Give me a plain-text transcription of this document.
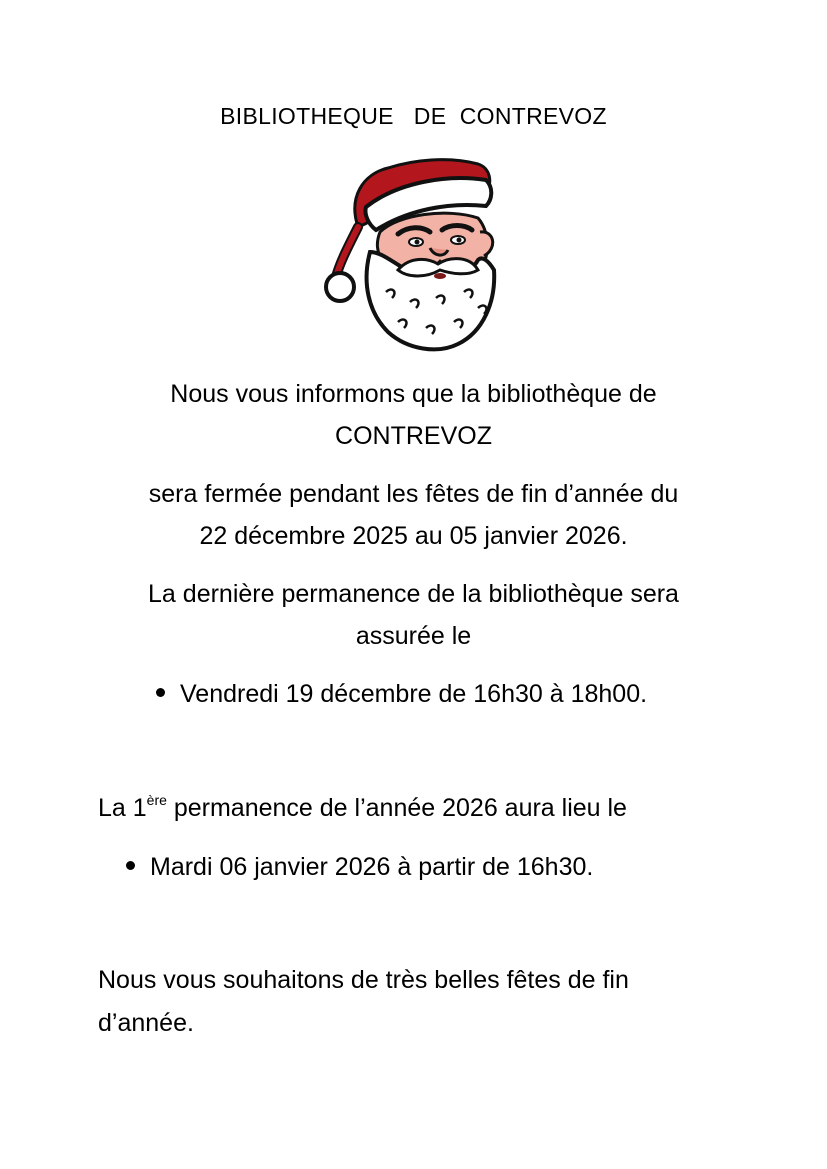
BIBLIOTHEQUE   DE  CONTREVOZ
Nous vous informons que la bibliothèque de
CONTREVOZ
sera fermée pendant les fêtes de fin d’année du
22 décembre 2025 au 05 janvier 2026.
La dernière permanence de la bibliothèque sera
assurée le
Vendredi 19 décembre de 16h30 à 18h00.
La 1ère permanence de l’année 2026 aura lieu le
Mardi 06 janvier 2026 à partir de 16h30.
Nous vous souhaitons de très belles fêtes de fin
d’année.
